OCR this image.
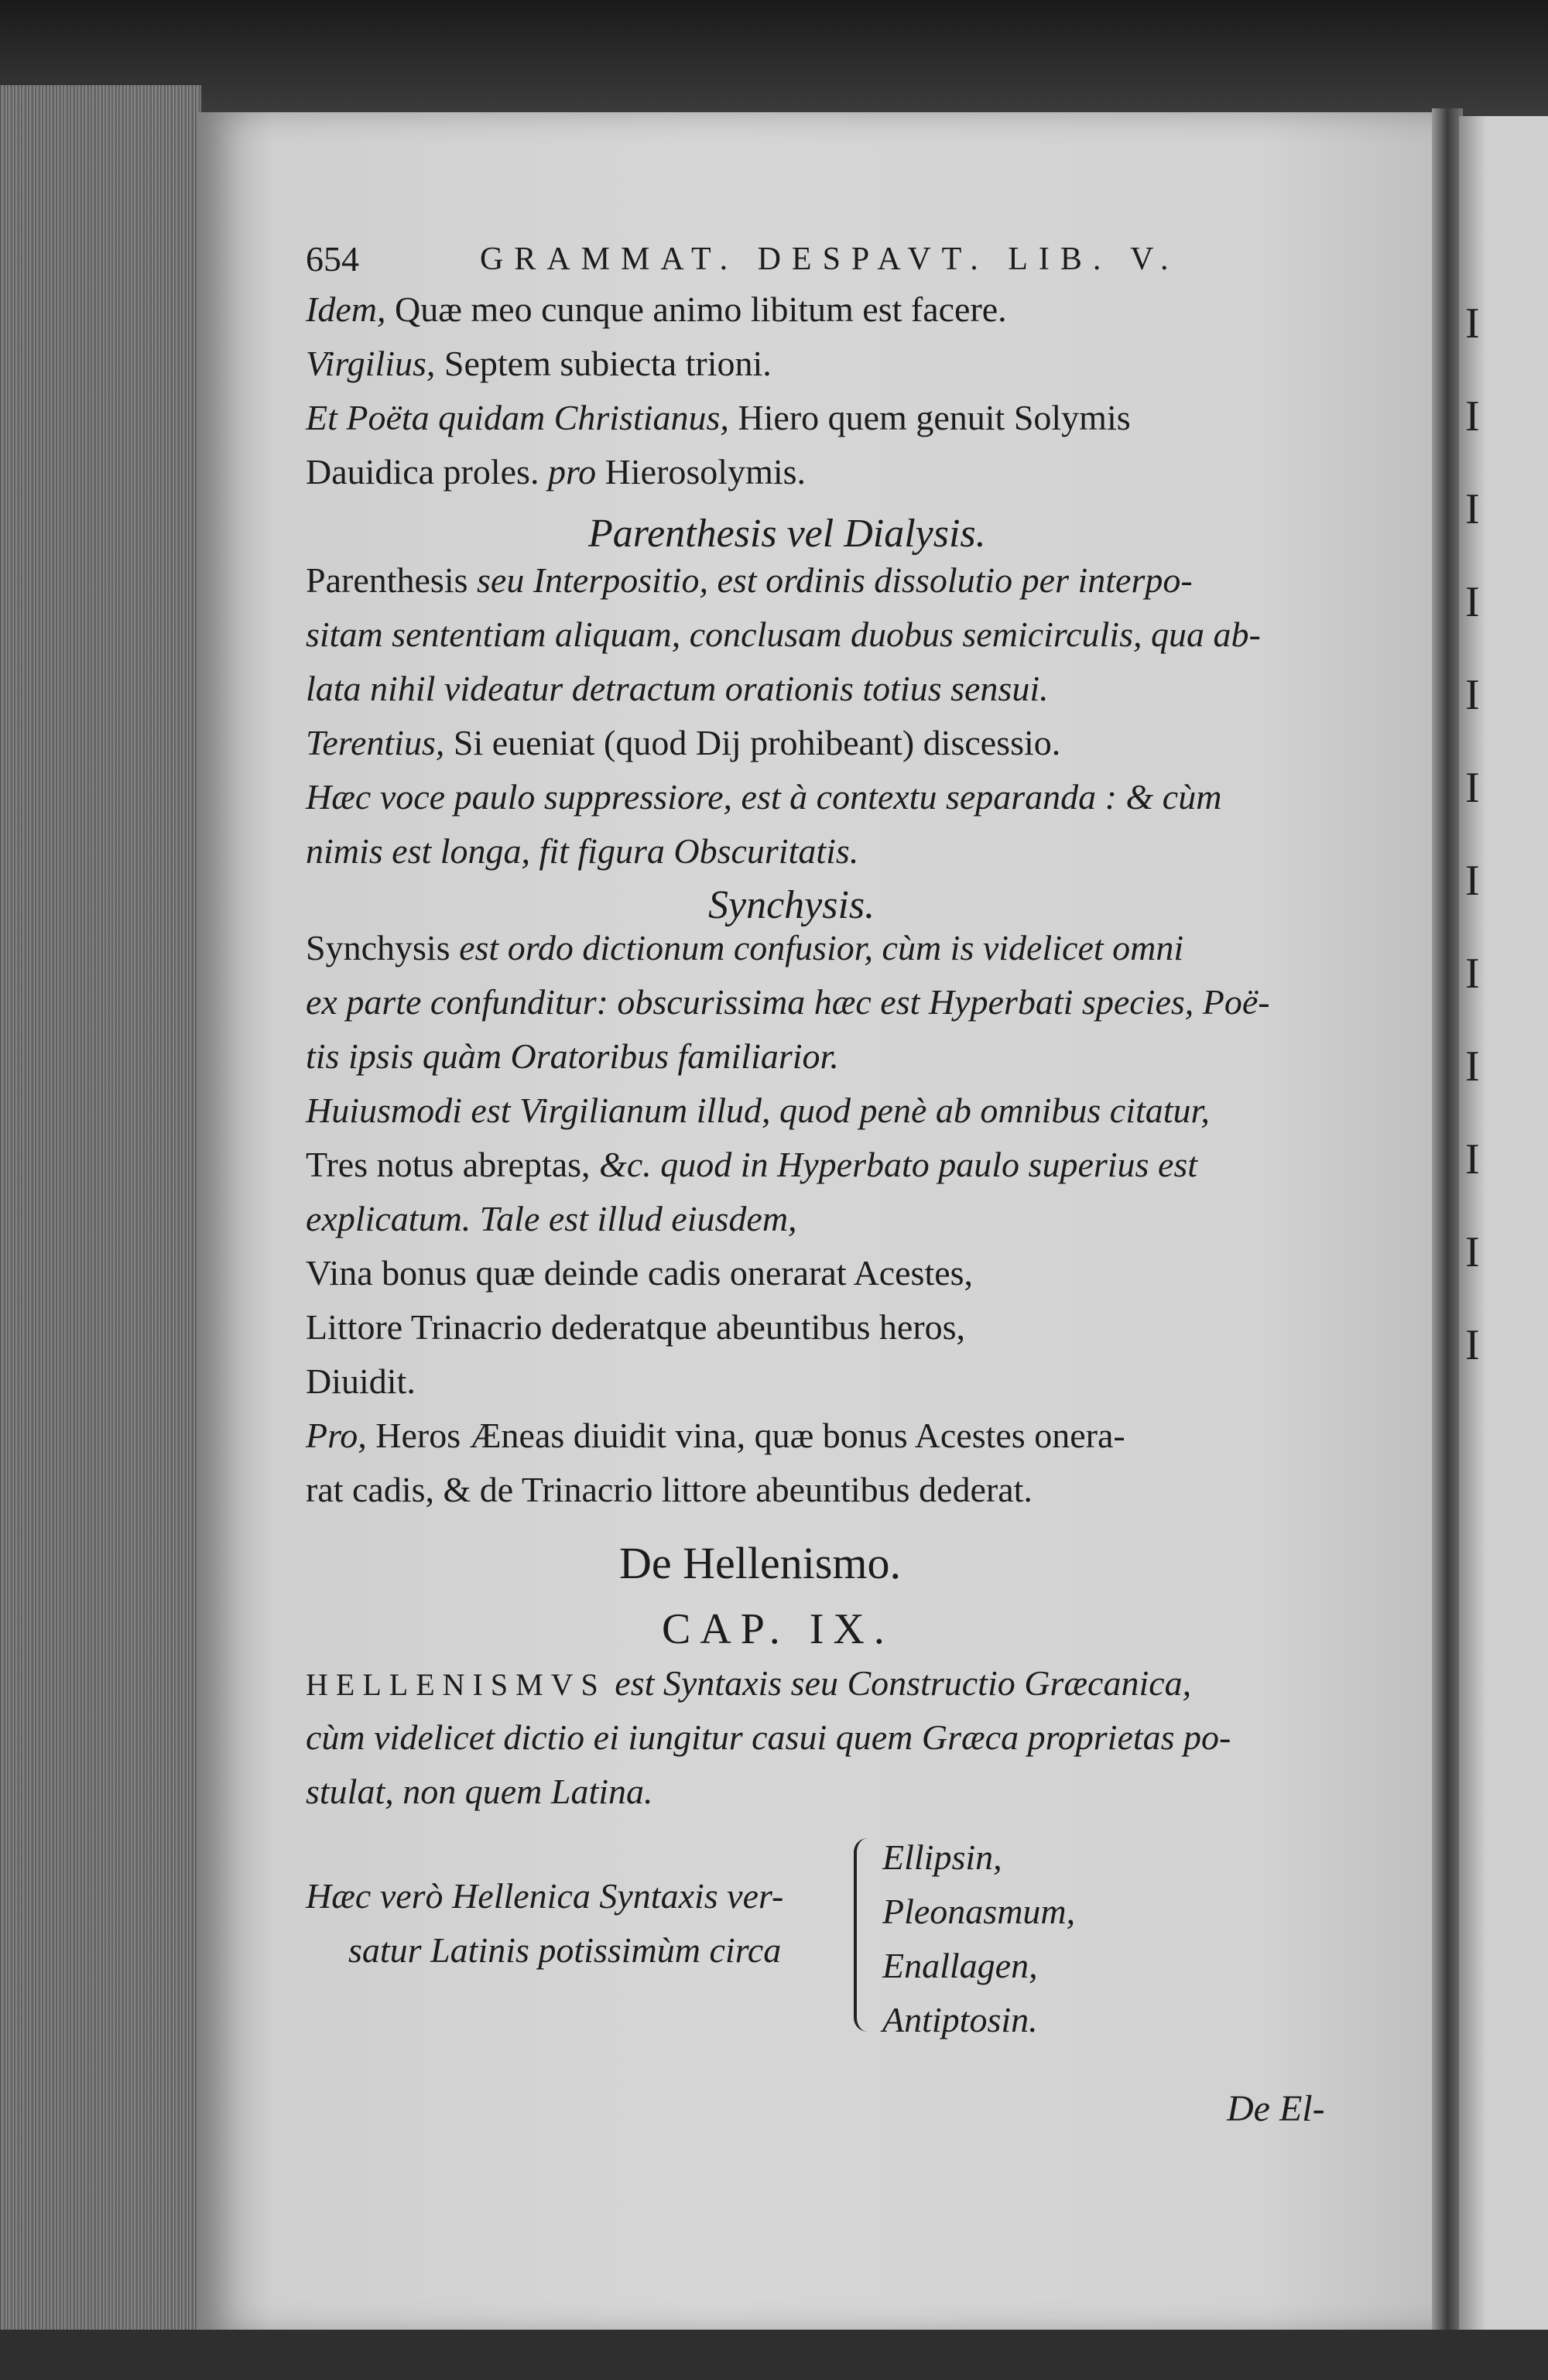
I
I
I
I
I
I
I
I
I
I
I
I
654	GRAMMAT. DESPAVT. LIB. V.
Idem, Quæ meo cunque animo libitum est facere.
Virgilius, Septem subiecta trioni.
Et Poëta quidam Christianus, Hiero quem genuit Solymis
Dauidica proles. pro Hierosolymis.
Parenthesis vel Dialysis.
Parenthesis seu Interpositio, est ordinis dissolutio per interpo-
sitam sententiam aliquam, conclusam duobus semicirculis, qua ab-
lata nihil videatur detractum orationis totius sensui.
Terentius, Si eueniat (quod Dij prohibeant) discessio.
Hæc voce paulo suppressiore, est à contextu separanda : & cùm
nimis est longa, fit figura Obscuritatis.
Synchysis.
Synchysis est ordo dictionum confusior, cùm is videlicet omni
ex parte confunditur: obscurissima hæc est Hyperbati species, Poë-
tis ipsis quàm Oratoribus familiarior.
Huiusmodi est Virgilianum illud, quod penè ab omnibus citatur,
Tres notus abreptas, &c. quod in Hyperbato paulo superius est
explicatum. Tale est illud eiusdem,
Vina bonus quæ deinde cadis onerarat Acestes,
Littore Trinacrio dederatque abeuntibus heros,
Diuidit.
Pro, Heros Æneas diuidit vina, quæ bonus Acestes onera-
rat cadis, & de Trinacrio littore abeuntibus dederat.
De Hellenismo.
CAP. IX.
HELLENISMVS est Syntaxis seu Constructio Græcanica,
cùm videlicet dictio ei iungitur casui quem Græca proprietas po-
stulat, non quem Latina.
Hæc verò Hellenica Syntaxis ver-
satur Latinis potissimùm circa
Ellipsin,
Pleonasmum,
Enallagen,
Antiptosin.
De El-
